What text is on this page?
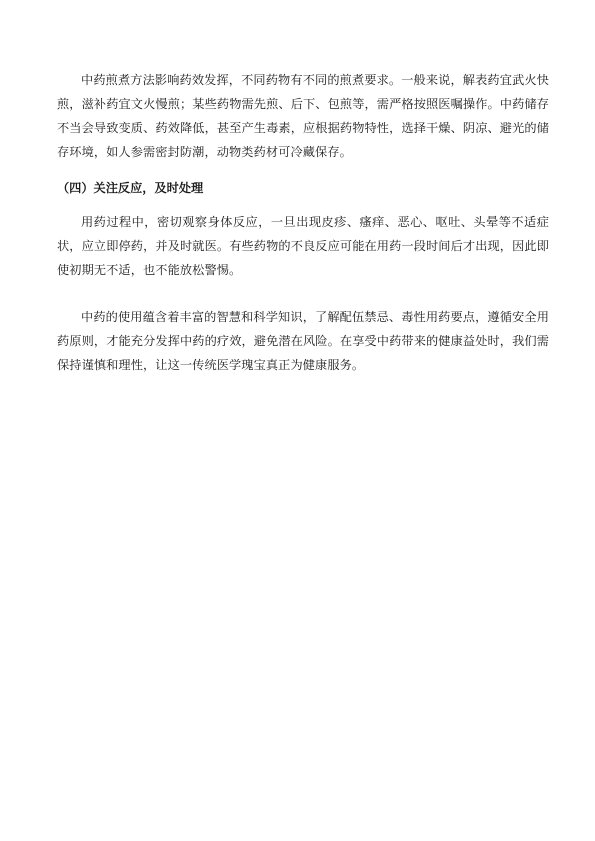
中药煎煮方法影响药效发挥，不同药物有不同的煎煮要求。一般来说，解表药宜武火快煎，滋补药宜文火慢煎；某些药物需先煎、后下、包煎等，需严格按照医嘱操作。中药储存不当会导致变质、药效降低，甚至产生毒素，应根据药物特性，选择干燥、阴凉、避光的储存环境，如人参需密封防潮，动物类药材可冷藏保存。

（四）关注反应，及时处理

用药过程中，密切观察身体反应，一旦出现皮疹、瘙痒、恶心、呕吐、头晕等不适症状，应立即停药，并及时就医。有些药物的不良反应可能在用药一段时间后才出现，因此即使初期无不适，也不能放松警惕。

中药的使用蕴含着丰富的智慧和科学知识，了解配伍禁忌、毒性用药要点，遵循安全用药原则，才能充分发挥中药的疗效，避免潜在风险。在享受中药带来的健康益处时，我们需保持谨慎和理性，让这一传统医学瑰宝真正为健康服务。
